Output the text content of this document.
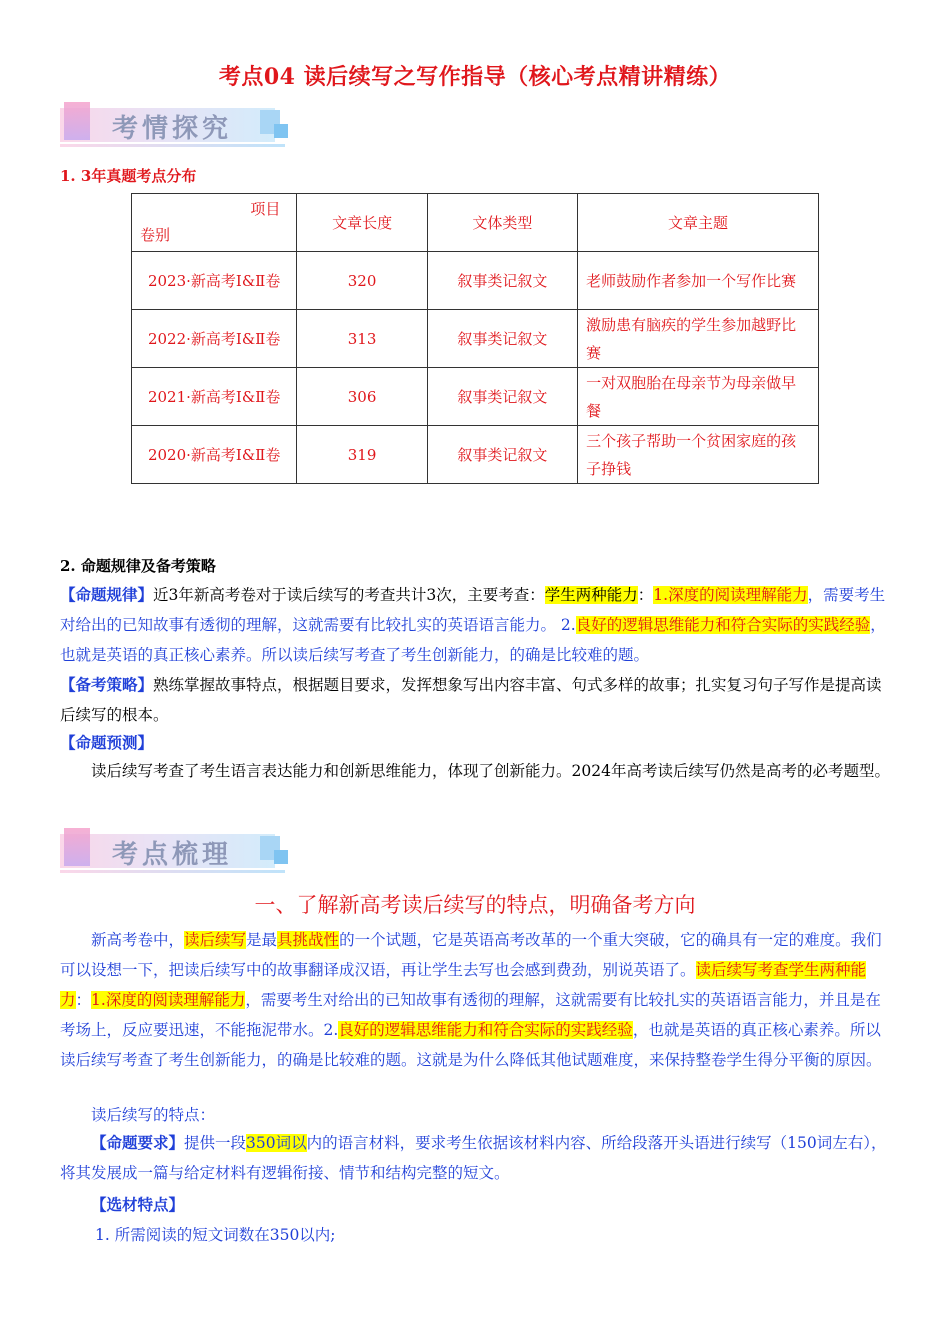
考点04 读后续写之写作指导（核心考点精讲精练）
考情探究
1. 3年真题考点分布
项目
卷别	文章长度	文体类型	文章主题
2023·新高考Ⅰ&Ⅱ卷	320	叙事类记叙文	老师鼓励作者参加一个写作比赛
2022·新高考Ⅰ&Ⅱ卷	313	叙事类记叙文	激励患有脑疾的学生参加越野比赛
2021·新高考Ⅰ&Ⅱ卷	306	叙事类记叙文	一对双胞胎在母亲节为母亲做早餐
2020·新高考Ⅰ&Ⅱ卷	319	叙事类记叙文	三个孩子帮助一个贫困家庭的孩子挣钱
2. 命题规律及备考策略
【命题规律】近3年新高考卷对于读后续写的考查共计3次，主要考查：学生两种能力：1.深度的阅读理解能力，需要考生对给出的已知故事有透彻的理解，这就需要有比较扎实的英语语言能力。 2.良好的逻辑思维能力和符合实际的实践经验，也就是英语的真正核心素养。所以读后续写考查了考生创新能力，的确是比较难的题。
【备考策略】熟练掌握故事特点，根据题目要求，发挥想象写出内容丰富、句式多样的故事；扎实复习句子写作是提高读后续写的根本。
【命题预测】
读后续写考查了考生语言表达能力和创新思维能力，体现了创新能力。2024年高考读后续写仍然是高考的必考题型。
考点梳理
一、了解新高考读后续写的特点，明确备考方向
新高考卷中，读后续写是最具挑战性的一个试题，它是英语高考改革的一个重大突破，它的确具有一定的难度。我们可以设想一下，把读后续写中的故事翻译成汉语，再让学生去写也会感到费劲，别说英语了。读后续写考查学生两种能力：1.深度的阅读理解能力，需要考生对给出的已知故事有透彻的理解，这就需要有比较扎实的英语语言能力，并且是在考场上，反应要迅速，不能拖泥带水。2.良好的逻辑思维能力和符合实际的实践经验，也就是英语的真正核心素养。所以读后续写考查了考生创新能力，的确是比较难的题。这就是为什么降低其他试题难度，来保持整卷学生得分平衡的原因。
读后续写的特点：
【命题要求】提供一段350词以内的语言材料，要求考生依据该材料内容、所给段落开头语进行续写（150词左右），将其发展成一篇与给定材料有逻辑衔接、情节和结构完整的短文。
【选材特点】
1. 所需阅读的短文词数在350以内;
